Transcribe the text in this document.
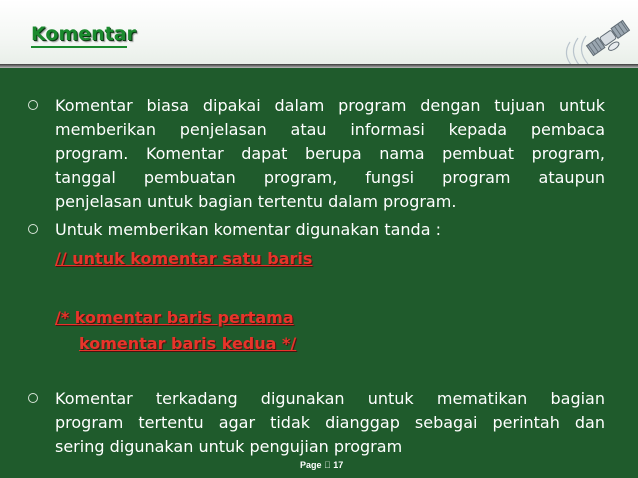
Komentar

Komentar biasa dipakai dalam program dengan tujuan untuk
memberikan penjelasan atau informasi kepada pembaca
program. Komentar dapat berupa nama pembuat program,
tanggal pembuatan program, fungsi program ataupun
penjelasan untuk bagian tertentu dalam program.

Untuk memberikan komentar digunakan tanda :

// untuk komentar satu baris

/* komentar baris pertama

komentar baris kedua */

Komentar terkadang digunakan untuk mematikan bagian
program tertentu agar tidak dianggap sebagai perintah dan
sering digunakan untuk pengujian program

Page 17
